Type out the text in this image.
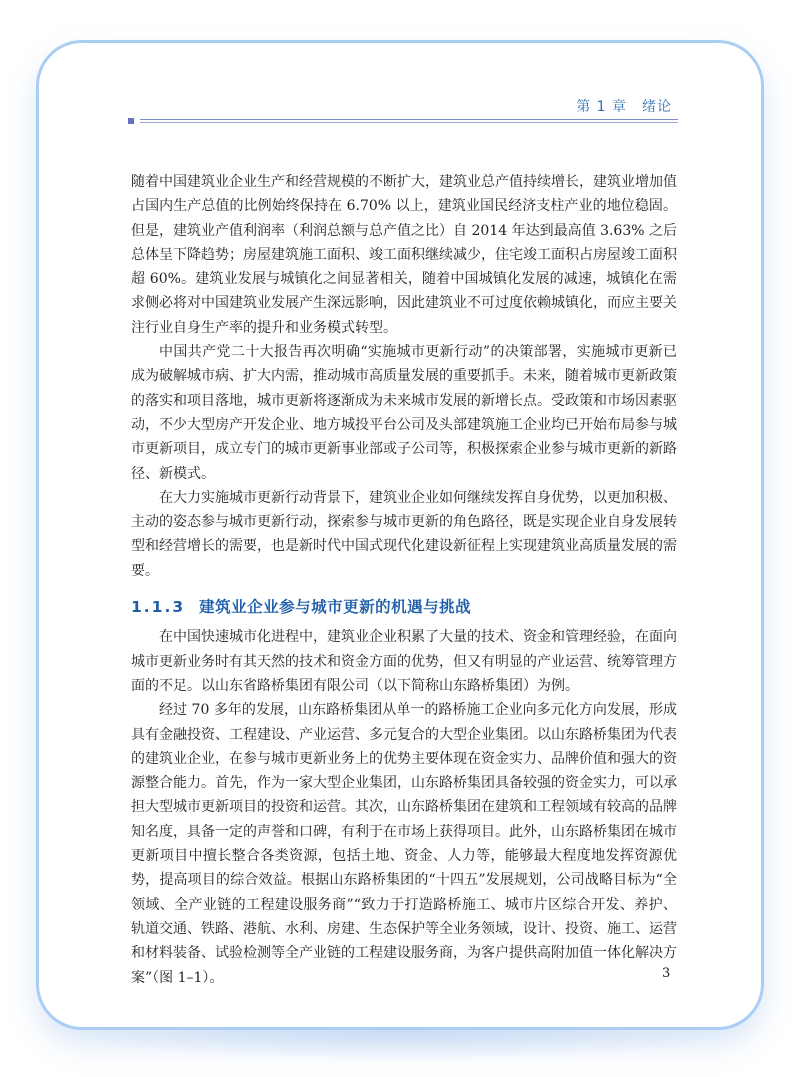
第 1 章　绪论

随着中国建筑业企业生产和经营规模的不断扩大，建筑业总产值持续增长，建筑业增加值占国内生产总值的比例始终保持在 6.70% 以上，建筑业国民经济支柱产业的地位稳固。但是，建筑业产值利润率（利润总额与总产值之比）自 2014 年达到最高值 3.63% 之后总体呈下降趋势；房屋建筑施工面积、竣工面积继续减少，住宅竣工面积占房屋竣工面积超 60%。建筑业发展与城镇化之间显著相关，随着中国城镇化发展的减速，城镇化在需求侧必将对中国建筑业发展产生深远影响，因此建筑业不可过度依赖城镇化，而应主要关注行业自身生产率的提升和业务模式转型。

中国共产党二十大报告再次明确“实施城市更新行动”的决策部署，实施城市更新已成为破解城市病、扩大内需，推动城市高质量发展的重要抓手。未来，随着城市更新政策的落实和项目落地，城市更新将逐渐成为未来城市发展的新增长点。受政策和市场因素驱动，不少大型房产开发企业、地方城投平台公司及头部建筑施工企业均已开始布局参与城市更新项目，成立专门的城市更新事业部或子公司等，积极探索企业参与城市更新的新路径、新模式。

在大力实施城市更新行动背景下，建筑业企业如何继续发挥自身优势，以更加积极、主动的姿态参与城市更新行动，探索参与城市更新的角色路径，既是实现企业自身发展转型和经营增长的需要，也是新时代中国式现代化建设新征程上实现建筑业高质量发展的需要。

1.1.3 建筑业企业参与城市更新的机遇与挑战

在中国快速城市化进程中，建筑业企业积累了大量的技术、资金和管理经验，在面向城市更新业务时有其天然的技术和资金方面的优势，但又有明显的产业运营、统筹管理方面的不足。以山东省路桥集团有限公司（以下简称山东路桥集团）为例。

经过 70 多年的发展，山东路桥集团从单一的路桥施工企业向多元化方向发展，形成具有金融投资、工程建设、产业运营、多元复合的大型企业集团。以山东路桥集团为代表的建筑业企业，在参与城市更新业务上的优势主要体现在资金实力、品牌价值和强大的资源整合能力。首先，作为一家大型企业集团，山东路桥集团具备较强的资金实力，可以承担大型城市更新项目的投资和运营。其次，山东路桥集团在建筑和工程领域有较高的品牌知名度，具备一定的声誉和口碑，有利于在市场上获得项目。此外，山东路桥集团在城市更新项目中擅长整合各类资源，包括土地、资金、人力等，能够最大程度地发挥资源优势，提高项目的综合效益。根据山东路桥集团的“十四五”发展规划，公司战略目标为“全领域、全产业链的工程建设服务商”“致力于打造路桥施工、城市片区综合开发、养护、轨道交通、铁路、港航、水利、房建、生态保护等全业务领域，设计、投资、施工、运营和材料装备、试验检测等全产业链的工程建设服务商，为客户提供高附加值一体化解决方案”（图 1–1）。	3
